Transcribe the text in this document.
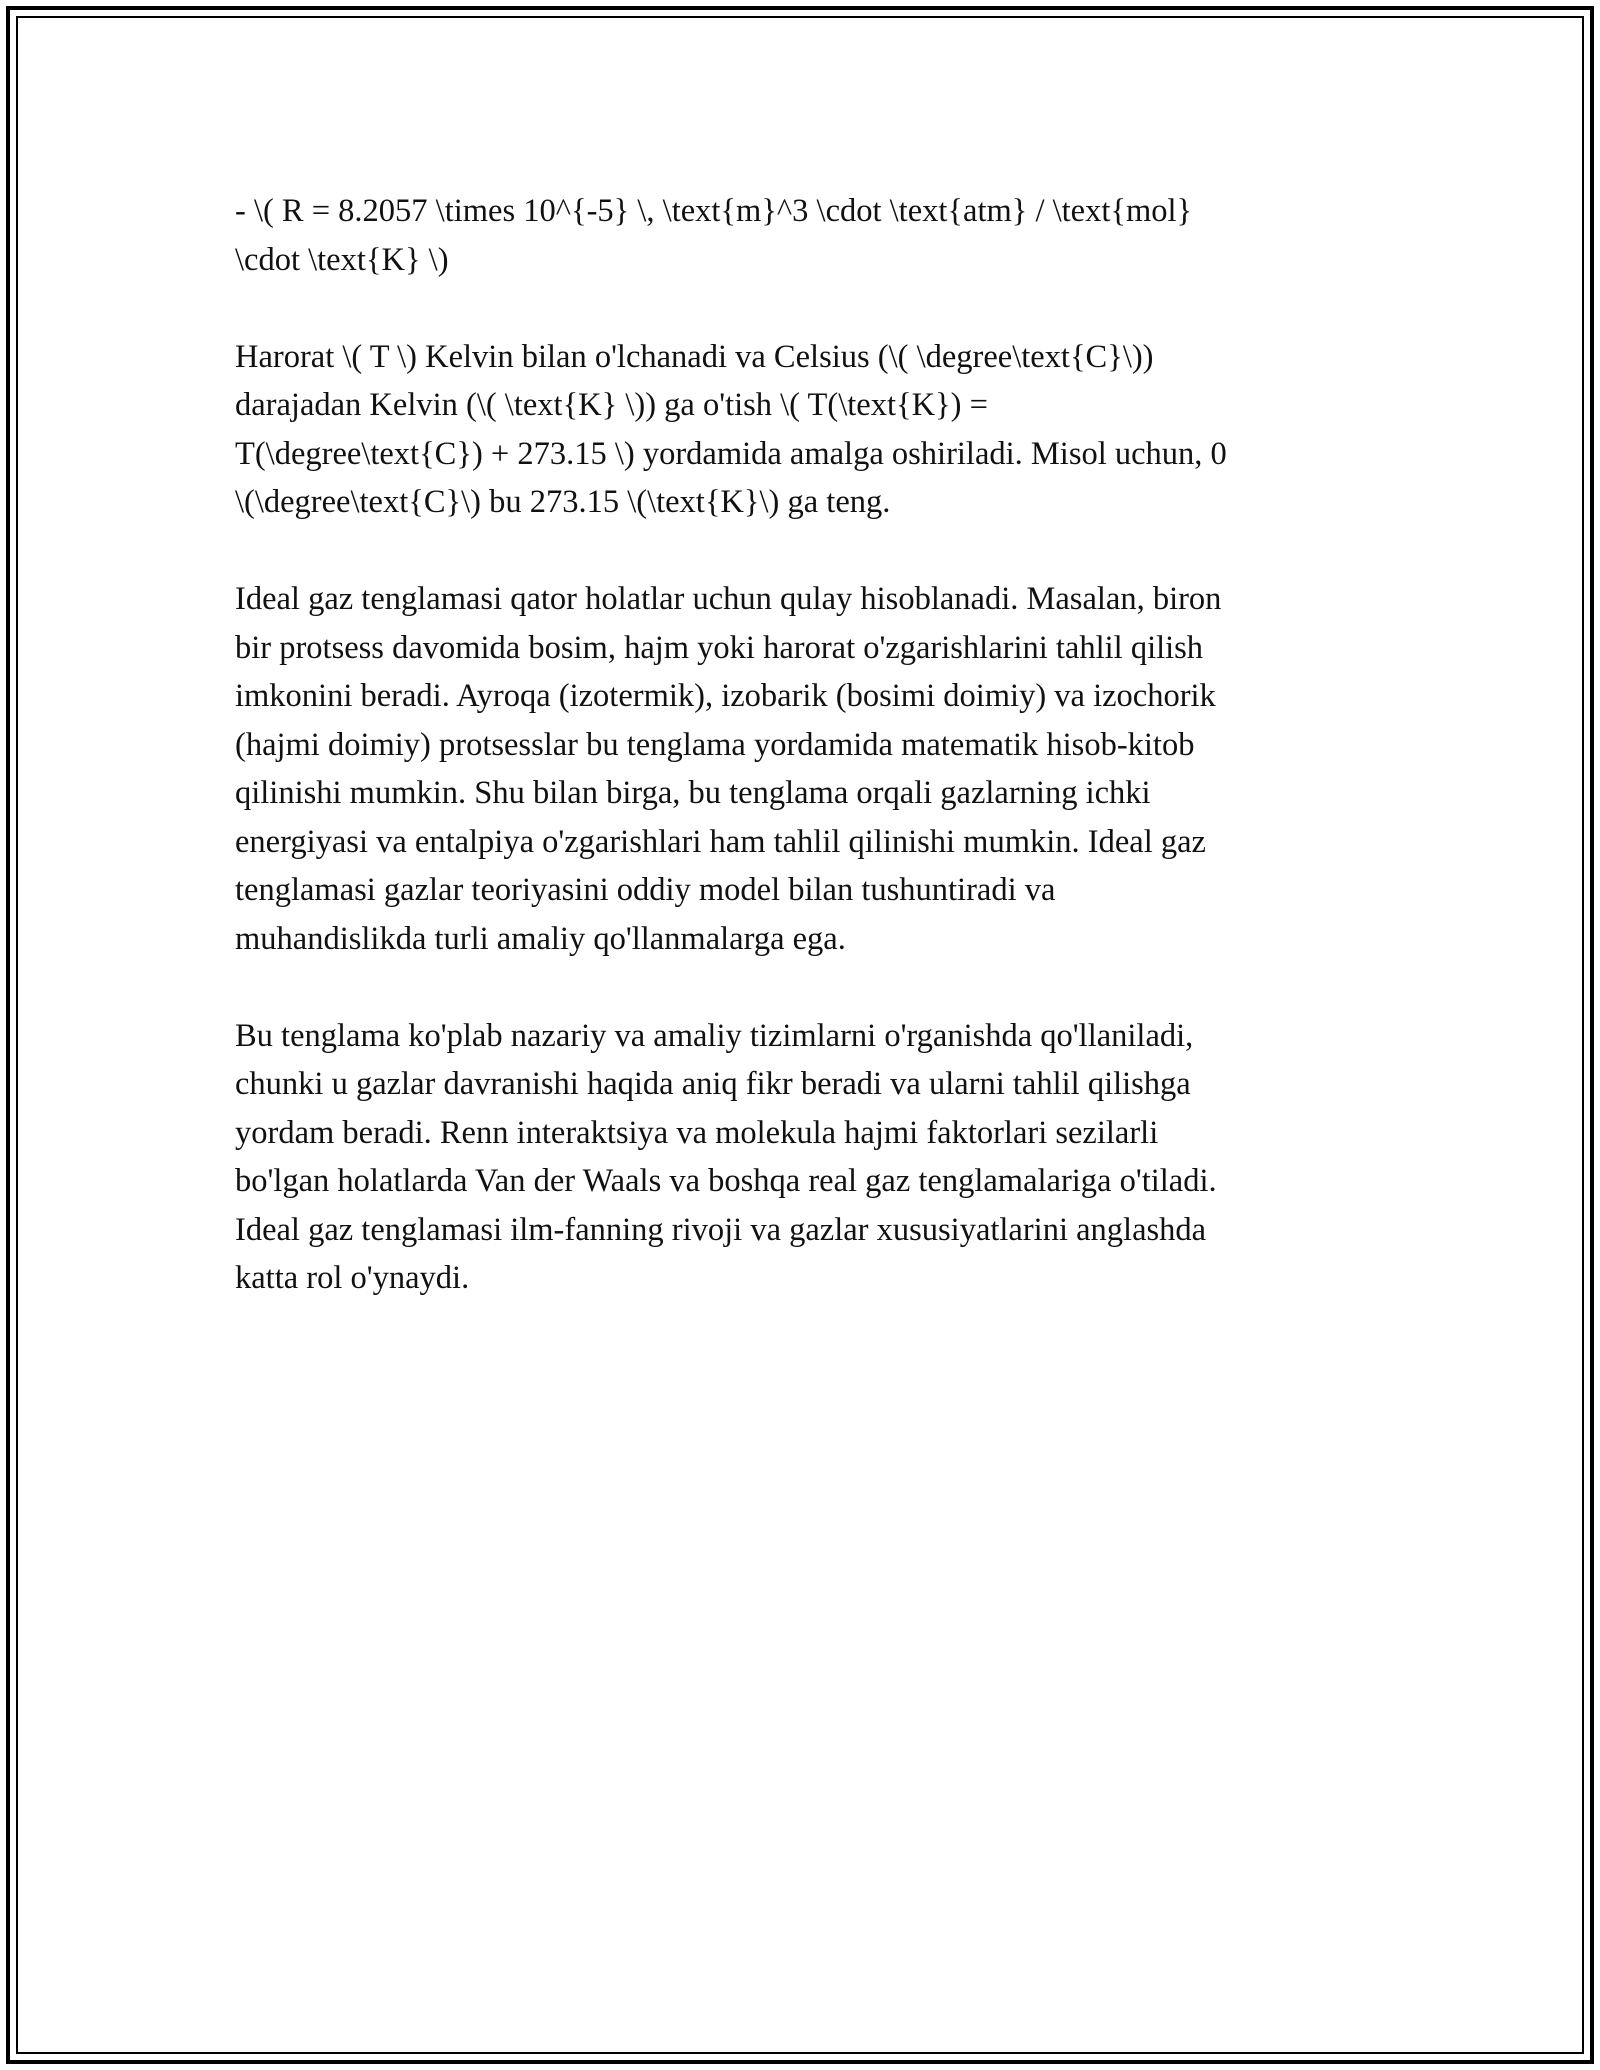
- \( R = 8.2057 \times 10^{-5} \, \text{m}^3 \cdot \text{atm} / \text{mol}
\cdot \text{K} \)
Harorat \( T \) Kelvin bilan o'lchanadi va Celsius (\( \degree\text{C}\))
darajadan Kelvin (\( \text{K} \)) ga o'tish \( T(\text{K}) =
T(\degree\text{C}) + 273.15 \) yordamida amalga oshiriladi. Misol uchun, 0
\(\degree\text{C}\) bu 273.15 \(\text{K}\) ga teng.
Ideal gaz tenglamasi qator holatlar uchun qulay hisoblanadi. Masalan, biron
bir protsess davomida bosim, hajm yoki harorat o'zgarishlarini tahlil qilish
imkonini beradi. Ayroqa (izotermik), izobarik (bosimi doimiy) va izochorik
(hajmi doimiy) protsesslar bu tenglama yordamida matematik hisob-kitob
qilinishi mumkin. Shu bilan birga, bu tenglama orqali gazlarning ichki
energiyasi va entalpiya o'zgarishlari ham tahlil qilinishi mumkin. Ideal gaz
tenglamasi gazlar teoriyasini oddiy model bilan tushuntiradi va
muhandislikda turli amaliy qo'llanmalarga ega.
Bu tenglama ko'plab nazariy va amaliy tizimlarni o'rganishda qo'llaniladi,
chunki u gazlar davranishi haqida aniq fikr beradi va ularni tahlil qilishga
yordam beradi. Renn interaktsiya va molekula hajmi faktorlari sezilarli
bo'lgan holatlarda Van der Waals va boshqa real gaz tenglamalariga o'tiladi.
Ideal gaz tenglamasi ilm-fanning rivoji va gazlar xususiyatlarini anglashda
katta rol o'ynaydi.
